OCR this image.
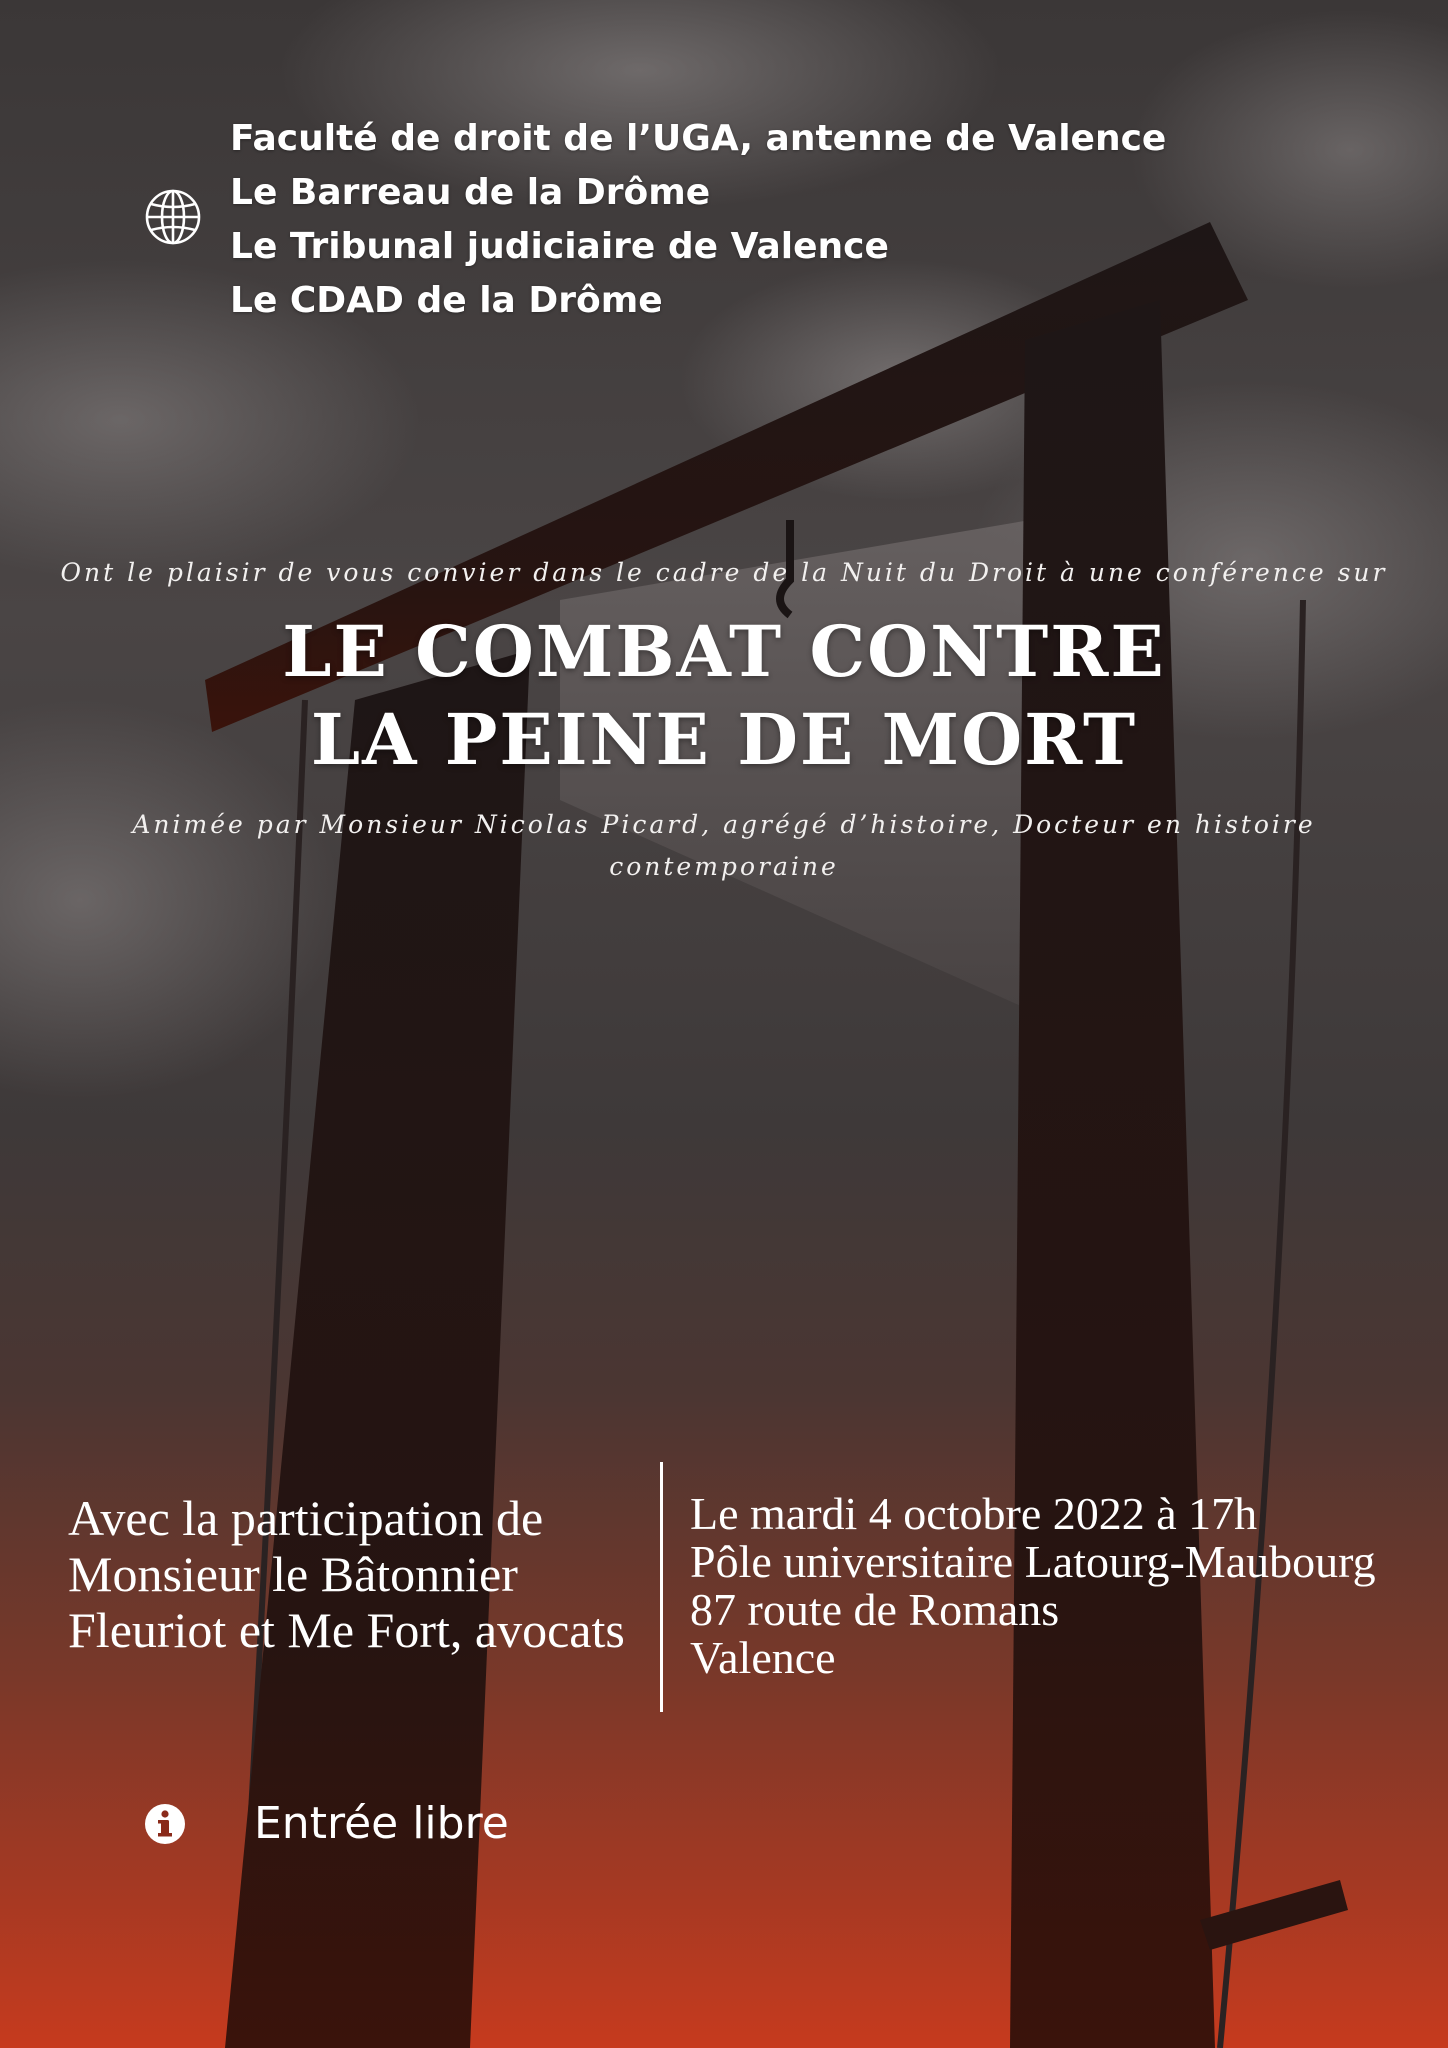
Faculté de droit de l’UGA, antenne de Valence
Le Barreau de la Drôme
Le Tribunal judiciaire de Valence
Le CDAD de la Drôme
Ont le plaisir de vous convier dans le cadre de la Nuit du Droit à une conférence sur
LE COMBAT CONTRE
LA PEINE DE MORT
Animée par Monsieur Nicolas Picard, agrégé d’histoire, Docteur en histoire contemporaine

Avec la participation de Monsieur le Bâtonnier Fleuriot et Me Fort, avocats

Le mardi 4 octobre 2022 à 17h
Pôle universitaire Latourg-Maubourg
87 route de Romans
Valence
Entrée libre
